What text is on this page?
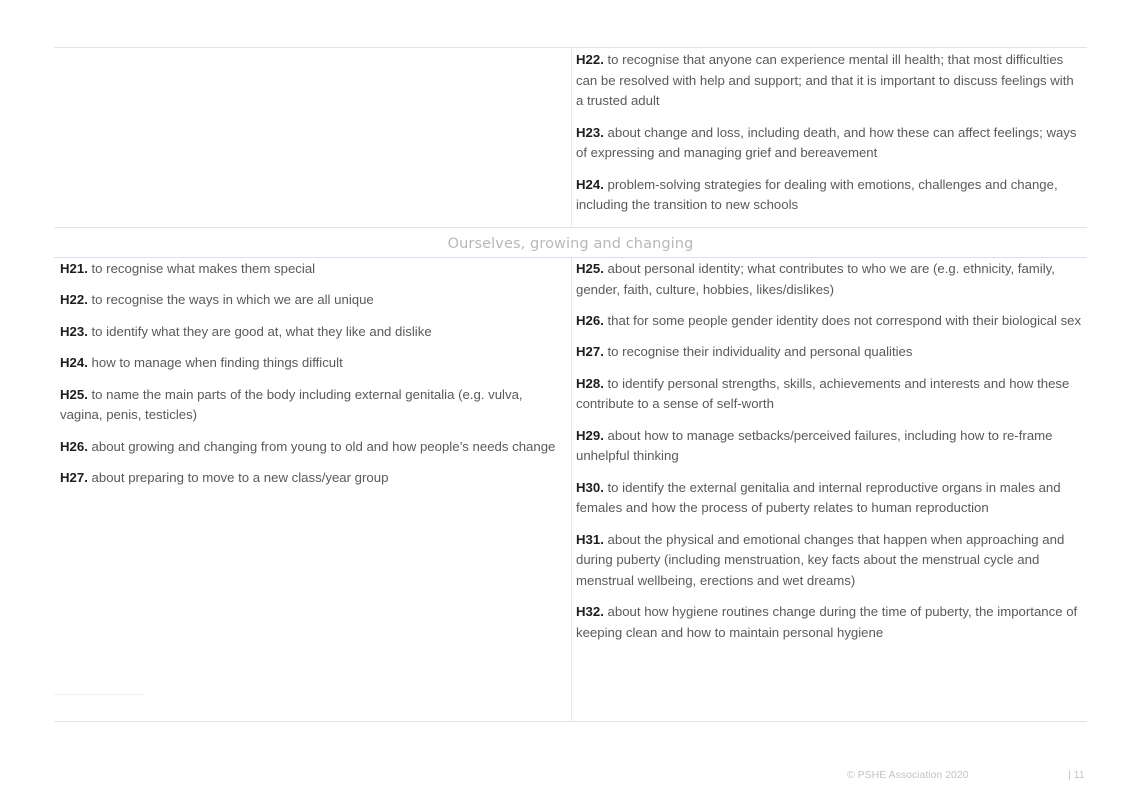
H22. to recognise that anyone can experience mental ill health; that most difficulties can be resolved with help and support; and that it is important to discuss feelings with a trusted adult

H23. about change and loss, including death, and how these can affect feelings; ways of expressing and managing grief and bereavement

H24. problem-solving strategies for dealing with emotions, challenges and change, including the transition to new schools

Ourselves, growing and changing

H21. to recognise what makes them special

H22. to recognise the ways in which we are all unique

H23. to identify what they are good at, what they like and dislike

H24. how to manage when finding things difficult

H25. to name the main parts of the body including external genitalia (e.g. vulva, vagina, penis, testicles)

H26. about growing and changing from young to old and how people’s needs change

H27. about preparing to move to a new class/year group

H25. about personal identity; what contributes to who we are (e.g. ethnicity, family, gender, faith, culture, hobbies, likes/dislikes)

H26. that for some people gender identity does not correspond with their biological sex

H27. to recognise their individuality and personal qualities

H28. to identify personal strengths, skills, achievements and interests and how these contribute to a sense of self-worth

H29. about how to manage setbacks/perceived failures, including how to re-frame unhelpful thinking

H30. to identify the external genitalia and internal reproductive organs in males and females and how the process of puberty relates to human reproduction

H31. about the physical and emotional changes that happen when approaching and during puberty (including menstruation, key facts about the menstrual cycle and menstrual wellbeing, erections and wet dreams)

H32. about how hygiene routines change during the time of puberty, the importance of keeping clean and how to maintain personal hygiene

© PSHE Association 2020	| 11
